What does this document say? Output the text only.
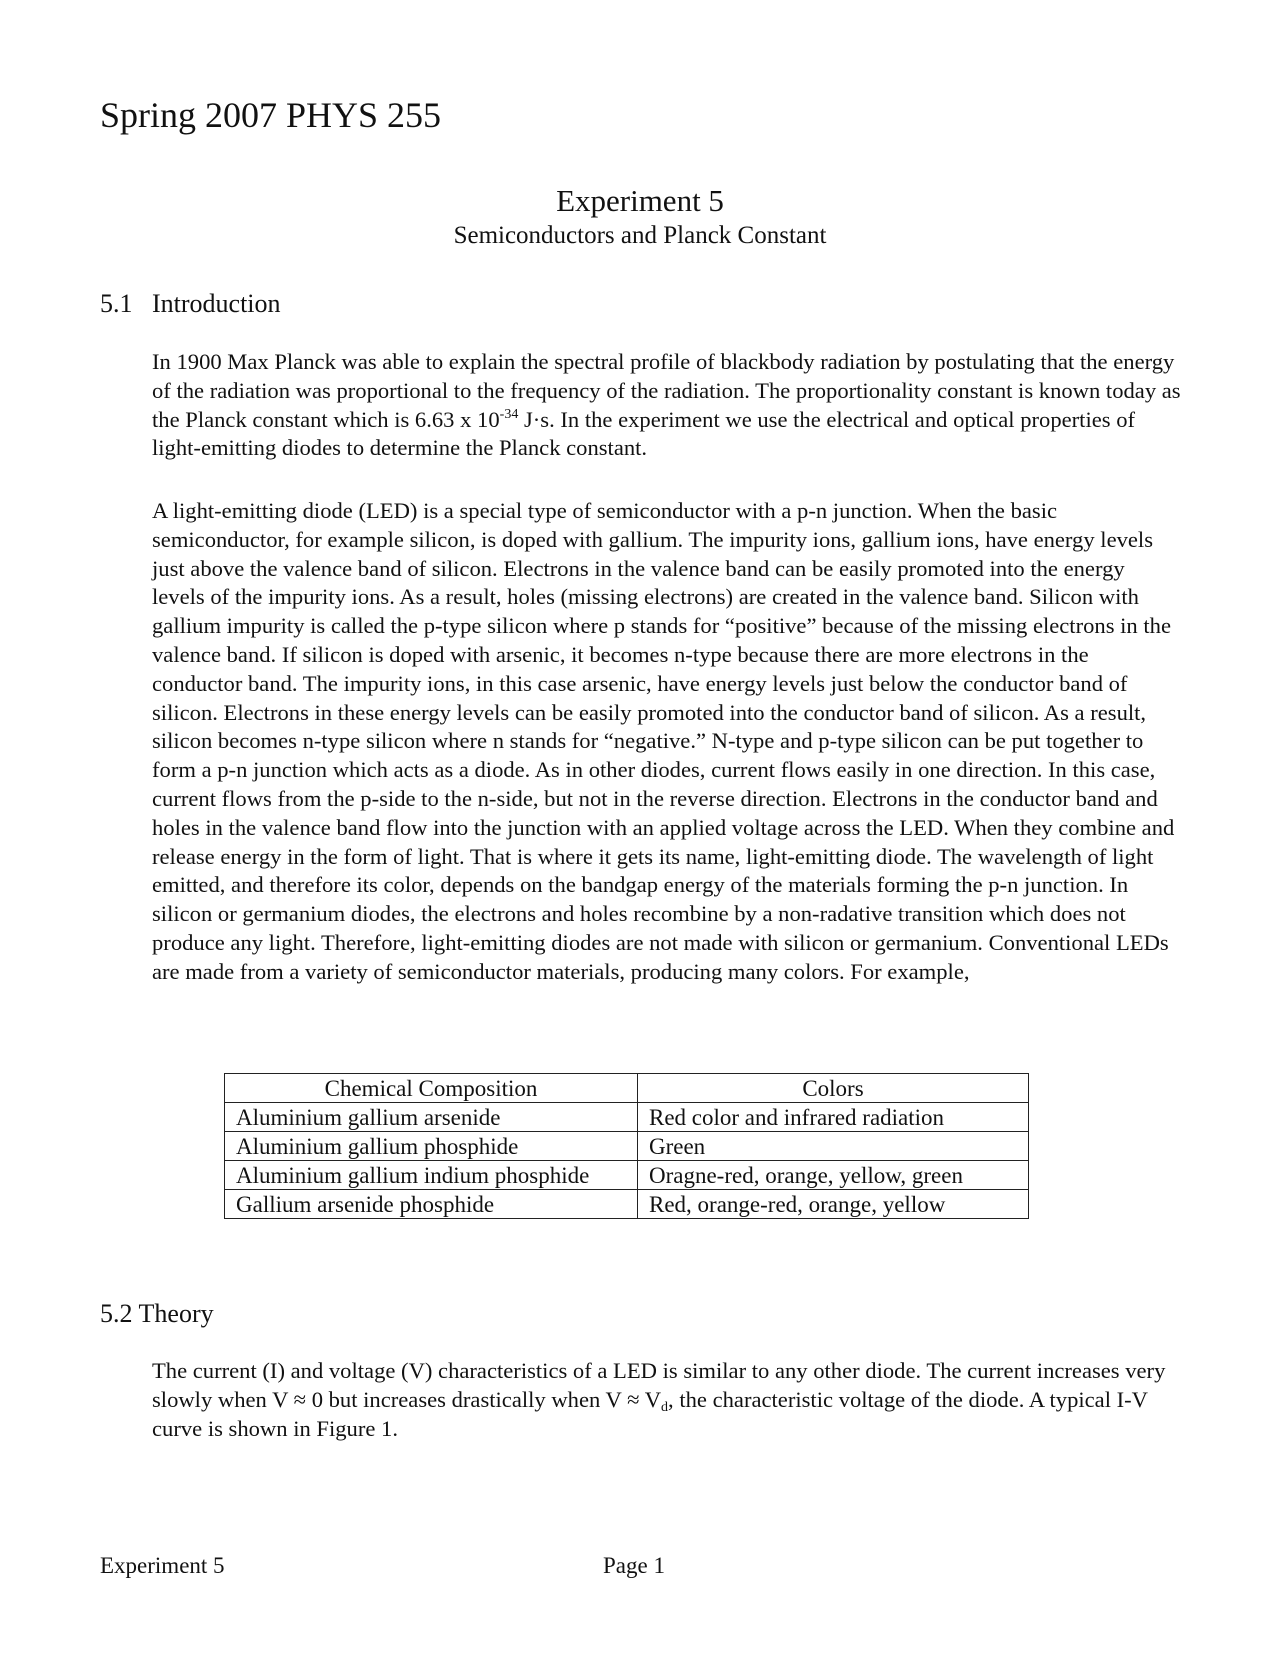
Spring 2007 PHYS 255
Experiment 5

Semiconductors and Planck Constant

5.1 Introduction

In 1900 Max Planck was able to explain the spectral profile of blackbody radiation by postulating that the energy of the radiation was proportional to the frequency of the radiation. The proportionality constant is known today as the Planck constant which is 6.63 x $10^{-34}$ J·s. In the experiment we use the electrical and optical properties of light-emitting diodes to determine the Planck constant.

A light-emitting diode (LED) is a special type of semiconductor with a p-n junction. When the basic semiconductor, for example silicon, is doped with gallium. The impurity ions, gallium ions, have energy levels just above the valence band of silicon. Electrons in the valence band can be easily promoted into the energy levels of the impurity ions. As a result, holes (missing electrons) are created in the valence band. Silicon with gallium impurity is called the p-type silicon where p stands for “positive” because of the missing electrons in the valence band. If silicon is doped with arsenic, it becomes n-type because there are more electrons in the conductor band. The impurity ions, in this case arsenic, have energy levels just below the conductor band of silicon. Electrons in these energy levels can be easily promoted into the conductor band of silicon. As a result, silicon becomes n-type silicon where n stands for “negative.” N-type and p-type silicon can be put together to form a p-n junction which acts as a diode. As in other diodes, current flows easily in one direction. In this case, current flows from the p-side to the n-side, but not in the reverse direction. Electrons in the conductor band and holes in the valence band flow into the junction with an applied voltage across the LED. When they combine and release energy in the form of light. That is where it gets its name, light-emitting diode. The wavelength of light emitted, and therefore its color, depends on the bandgap energy of the materials forming the p-n junction. In silicon or germanium diodes, the electrons and holes recombine by a non-radative transition which does not produce any light. Therefore, light-emitting diodes are not made with silicon or germanium. Conventional LEDs are made from a variety of semiconductor materials, producing many colors. For example,

Chemical Composition	Colors
Aluminium gallium arsenide	Red color and infrared radiation
Aluminium gallium phosphide	Green
Aluminium gallium indium phosphide	Oragne-red, orange, yellow, green
Gallium arsenide phosphide	Red, orange-red, orange, yellow
5.2 Theory

The current (I) and voltage (V) characteristics of a LED is similar to any other diode. The current increases very slowly when V ≈ 0 but increases drastically when $V \approx V_d$, the characteristic voltage of the diode. A typical I-V curve is shown in Figure 1.

Experiment 5	Page 1
